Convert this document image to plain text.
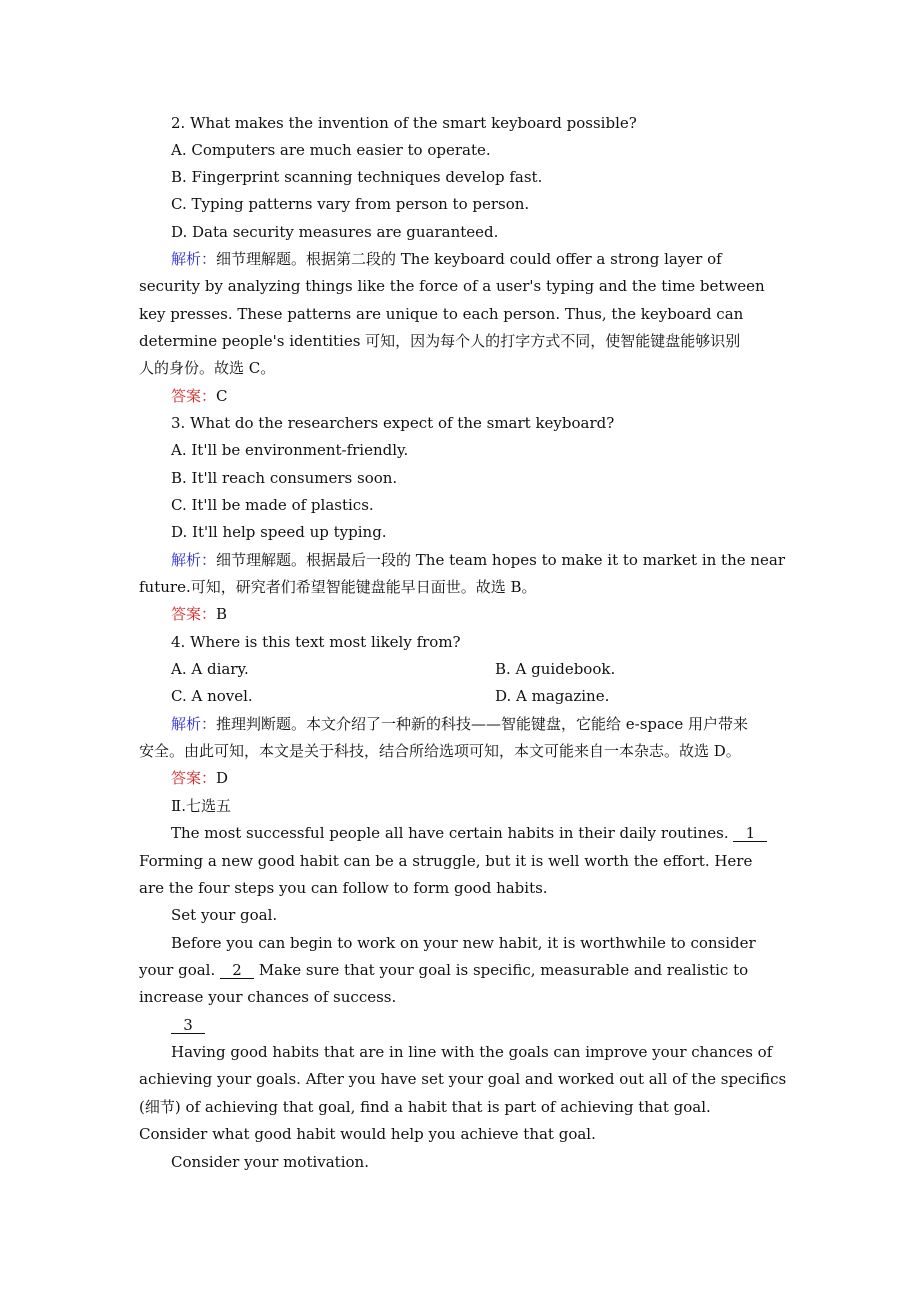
2. What makes the invention of the smart keyboard possible?
A. Computers are much easier to operate.
B. Fingerprint scanning techniques develop fast.
C. Typing patterns vary from person to person.
D. Data security measures are guaranteed.
解析：细节理解题。根据第二段的 The keyboard could offer a strong layer of
security by analyzing things like the force of a user's typing and the time between
key presses. These patterns are unique to each person. Thus, the keyboard can
determine people's identities 可知，因为每个人的打字方式不同，使智能键盘能够识别
人的身份。故选 C。
答案：C
3. What do the researchers expect of the smart keyboard?
A. It'll be environment-friendly.
B. It'll reach consumers soon.
C. It'll be made of plastics.
D. It'll help speed up typing.
解析：细节理解题。根据最后一段的 The team hopes to make it to market in the near
future.可知，研究者们希望智能键盘能早日面世。故选 B。
答案：B
4. Where is this text most likely from?
A. A diary.	B. A guidebook.
C. A novel.	D. A magazine.
解析：推理判断题。本文介绍了一种新的科技——智能键盘，它能给 e-space 用户带来
安全。由此可知，本文是关于科技，结合所给选项可知，本文可能来自一本杂志。故选 D。
答案：D
Ⅱ.七选五
The most successful people all have certain habits in their daily routines. 1
Forming a new good habit can be a struggle, but it is well worth the effort. Here
are the four steps you can follow to form good habits.
Set your goal.
Before you can begin to work on your new habit, it is worthwhile to consider
your goal. 2 Make sure that your goal is specific, measurable and realistic to
increase your chances of success.
3
Having good habits that are in line with the goals can improve your chances of
achieving your goals. After you have set your goal and worked out all of the specifics
(细节) of achieving that goal, find a habit that is part of achieving that goal.
Consider what good habit would help you achieve that goal.
Consider your motivation.
